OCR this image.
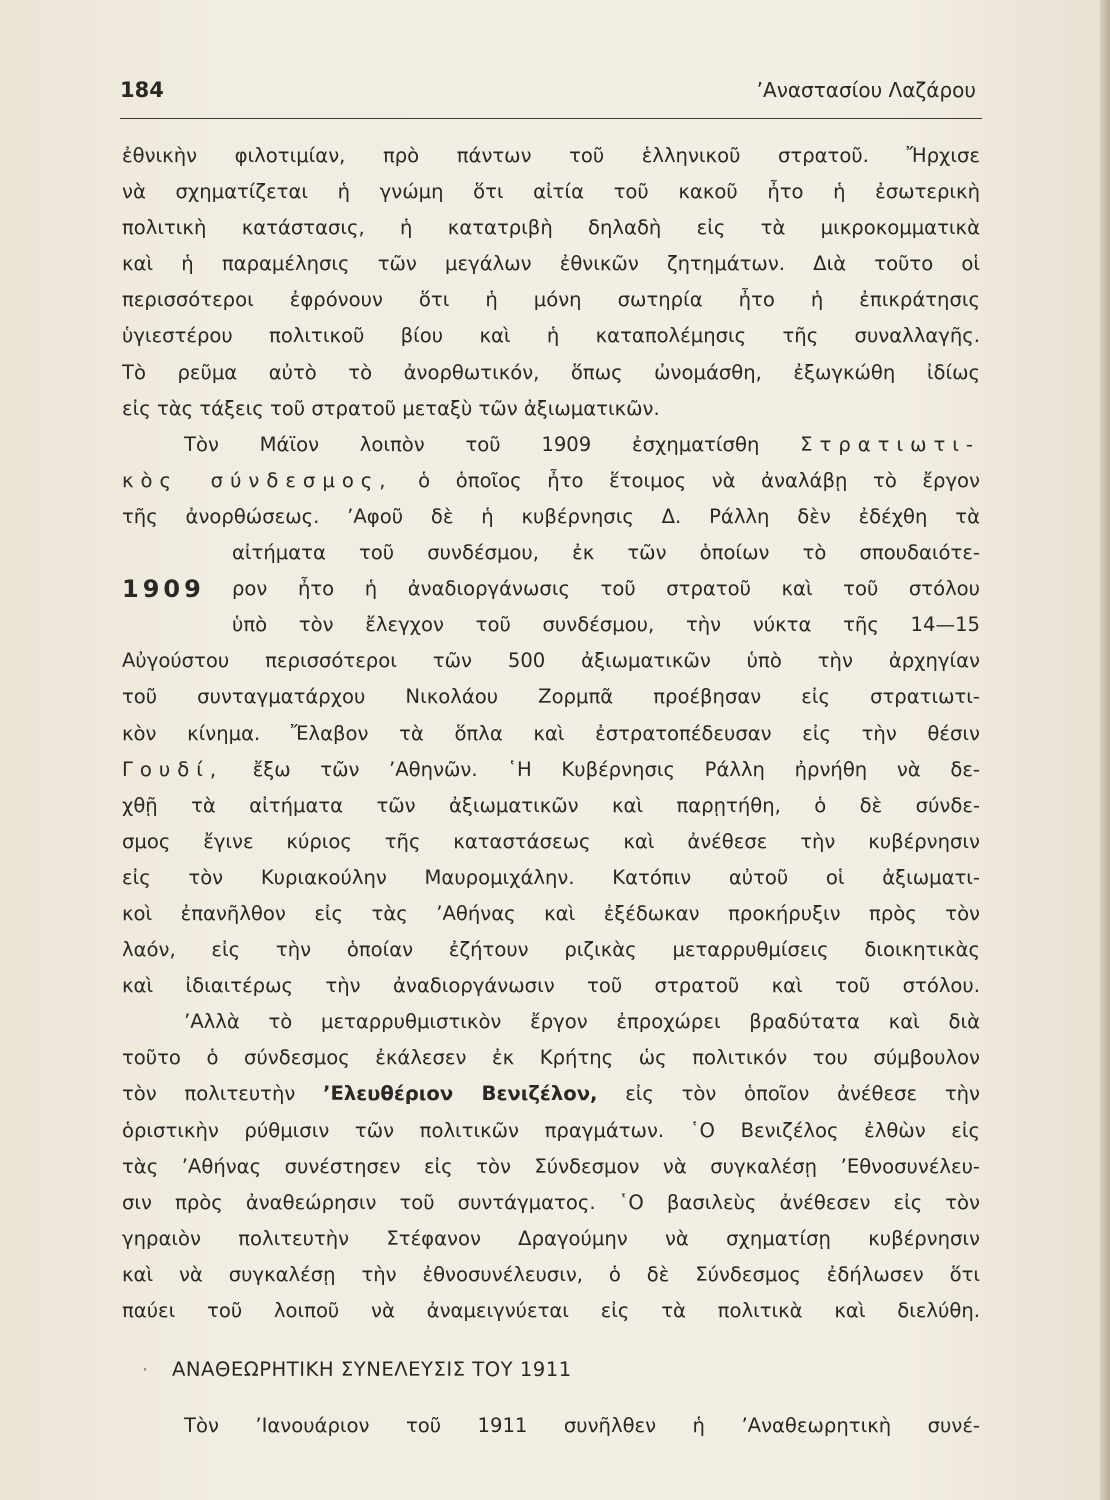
184	’Αναστασίου Λαζάρου
ἐθνικὴν φιλοτιμίαν, πρὸ πάντων τοῦ ἑλληνικοῦ στρατοῦ. Ἤρχισε
νὰ σχηματίζεται ἡ γνώμη ὅτι αἰτία τοῦ κακοῦ ἦτο ἡ ἐσωτερικὴ
πολιτικὴ κατάστασις, ἡ κατατριβὴ δηλαδὴ εἰς τὰ μικροκομματικὰ
καὶ ἡ παραμέλησις τῶν μεγάλων ἐθνικῶν ζητημάτων. Διὰ τοῦτο οἱ
περισσότεροι ἐφρόνουν ὅτι ἡ μόνη σωτηρία ἦτο ἡ ἐπικράτησις
ὑγιεστέρου πολιτικοῦ βίου καὶ ἡ καταπολέμησις τῆς συναλλαγῆς.
Τὸ ρεῦμα αὐτὸ τὸ ἀνορθωτικόν, ὅπως ὠνομάσθη, ἐξωγκώθη ἰδίως
εἰς τὰς τάξεις τοῦ στρατοῦ μεταξὺ τῶν ἀξιωματικῶν.
Τὸν Μάϊον λοιπὸν τοῦ 1909 ἐσχηματίσθη Στρατιωτι-
κὸς σύνδεσμος, ὁ ὁποῖος ἦτο ἕτοιμος νὰ ἀναλάβῃ τὸ ἔργον
τῆς ἀνορθώσεως. ’Αφοῦ δὲ ἡ κυβέρνησις Δ. Ράλλη δὲν ἐδέχθη τὰ
αἰτήματα τοῦ συνδέσμου, ἐκ τῶν ὁποίων τὸ σπουδαιότε-
1909	ρον ἦτο ἡ ἀναδιοργάνωσις τοῦ στρατοῦ καὶ τοῦ στόλου
ὑπὸ τὸν ἔλεγχον τοῦ συνδέσμου, τὴν νύκτα τῆς 14—15
Αὐγούστου περισσότεροι τῶν 500 ἀξιωματικῶν ὑπὸ τὴν ἀρχηγίαν
τοῦ συνταγματάρχου Νικολάου Ζορμπᾶ προέβησαν εἰς στρατιωτι-
κὸν κίνημα. Ἔλαβον τὰ ὅπλα καὶ ἐστρατοπέδευσαν εἰς τὴν θέσιν
Γουδί, ἔξω τῶν ’Αθηνῶν. ῾Η Κυβέρνησις Ράλλη ἠρνήθη νὰ δε-
χθῇ τὰ αἰτήματα τῶν ἀξιωματικῶν καὶ παρῃτήθη, ὁ δὲ σύνδε-
σμος ἔγινε κύριος τῆς καταστάσεως καὶ ἀνέθεσε τὴν κυβέρνησιν
εἰς τὸν Κυριακούλην Μαυρομιχάλην. Κατόπιν αὐτοῦ οἱ ἀξιωματι-
κοὶ ἐπανῆλθον εἰς τὰς ’Αθήνας καὶ ἐξέδωκαν προκήρυξιν πρὸς τὸν
λαόν, εἰς τὴν ὁποίαν ἐζήτουν ριζικὰς μεταρρυθμίσεις διοικητικὰς
καὶ ἰδιαιτέρως τὴν ἀναδιοργάνωσιν τοῦ στρατοῦ καὶ τοῦ στόλου.
’Αλλὰ τὸ μεταρρυθμιστικὸν ἔργον ἐπροχώρει βραδύτατα καὶ διὰ
τοῦτο ὁ σύνδεσμος ἐκάλεσεν ἐκ Κρήτης ὡς πολιτικόν του σύμβουλον
τὸν πολιτευτὴν ’Ελευθέριον Βενιζέλον, εἰς τὸν ὁποῖον ἀνέθεσε τὴν
ὁριστικὴν ρύθμισιν τῶν πολιτικῶν πραγμάτων. ῾Ο Βενιζέλος ἐλθὼν εἰς
τὰς ’Αθήνας συνέστησεν εἰς τὸν Σύνδεσμον νὰ συγκαλέσῃ ’Εθνοσυνέλευ-
σιν πρὸς ἀναθεώρησιν τοῦ συντάγματος. ῾Ο βασιλεὺς ἀνέθεσεν εἰς τὸν
γηραιὸν πολιτευτὴν Στέφανον Δραγούμην νὰ σχηματίσῃ κυβέρνησιν
καὶ νὰ συγκαλέσῃ τὴν ἐθνοσυνέλευσιν, ὁ δὲ Σύνδεσμος ἐδήλωσεν ὅτι
παύει τοῦ λοιποῦ νὰ ἀναμειγνύεται εἰς τὰ πολιτικὰ καὶ διελύθη.
· ΑΝΑΘΕΩΡΗΤΙΚΗ ΣΥΝΕΛΕΥΣΙΣ ΤΟΥ 1911
Τὸν ’Ιανουάριον τοῦ 1911 συνῆλθεν ἡ ’Αναθεωρητικὴ συνέ-
